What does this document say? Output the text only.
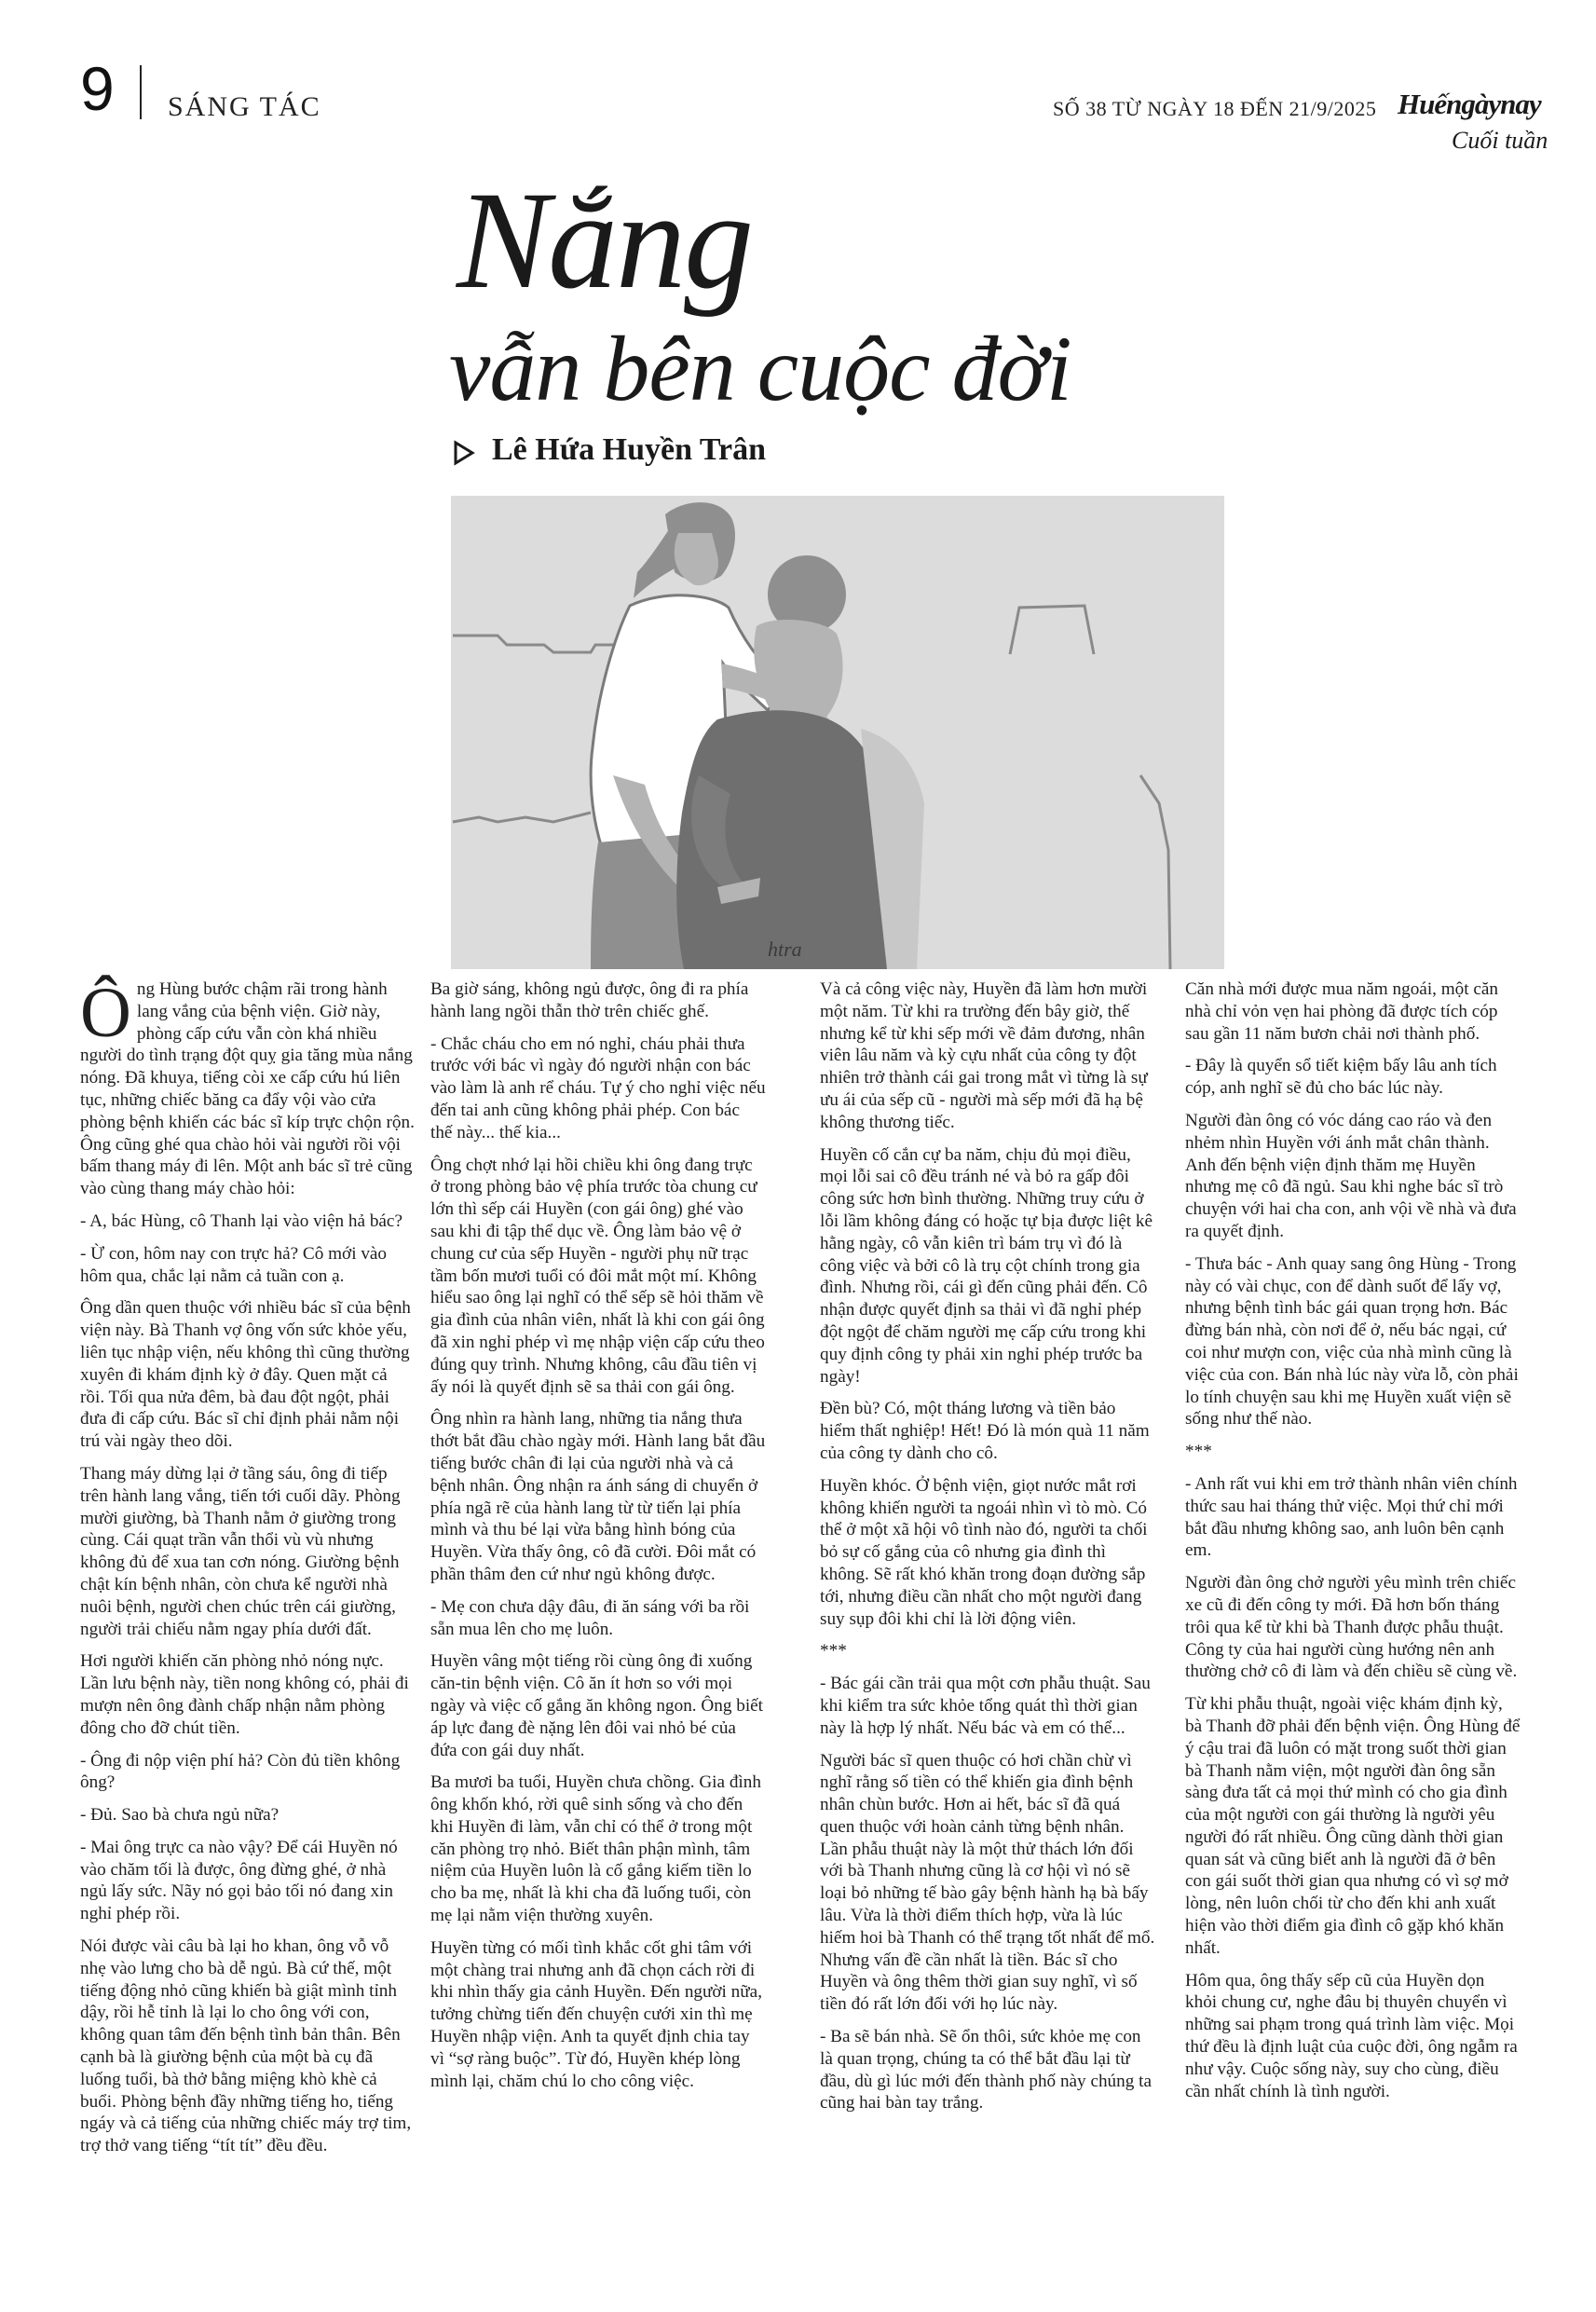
9 SÁNG TÁC	SỐ 38 TỪ NGÀY 18 ĐẾN 21/9/2025 Huếngàynay
Cuối tuần
Nắng
vẫn bên cuộc đời
Lê Hứa Huyền Trân
htra

Ông Hùng bước chậm rãi trong hành lang vắng của bệnh viện. Giờ này, phòng cấp cứu vẫn còn khá nhiều người do tình trạng đột quỵ gia tăng mùa nắng nóng. Đã khuya, tiếng còi xe cấp cứu hú liên tục, những chiếc băng ca đẩy vội vào cửa phòng bệnh khiến các bác sĩ kíp trực chộn rộn. Ông cũng ghé qua chào hỏi vài người rồi vội bấm thang máy đi lên. Một anh bác sĩ trẻ cũng vào cùng thang máy chào hỏi:

- A, bác Hùng, cô Thanh lại vào viện hả bác?

- Ừ con, hôm nay con trực hả? Cô mới vào hôm qua, chắc lại nằm cả tuần con ạ.

Ông dần quen thuộc với nhiều bác sĩ của bệnh viện này. Bà Thanh vợ ông vốn sức khỏe yếu, liên tục nhập viện, nếu không thì cũng thường xuyên đi khám định kỳ ở đây. Quen mặt cả rồi. Tối qua nửa đêm, bà đau đột ngột, phải đưa đi cấp cứu. Bác sĩ chỉ định phải nằm nội trú vài ngày theo dõi.

Thang máy dừng lại ở tầng sáu, ông đi tiếp trên hành lang vắng, tiến tới cuối dãy. Phòng mười giường, bà Thanh nằm ở giường trong cùng. Cái quạt trần vẫn thổi vù vù nhưng không đủ để xua tan cơn nóng. Giường bệnh chật kín bệnh nhân, còn chưa kể người nhà nuôi bệnh, người chen chúc trên cái giường, người trải chiếu nằm ngay phía dưới đất.

Hơi người khiến căn phòng nhỏ nóng nực. Lần lưu bệnh này, tiền nong không có, phải đi mượn nên ông đành chấp nhận nằm phòng đông cho đỡ chút tiền.

- Ông đi nộp viện phí hả? Còn đủ tiền không ông?

- Đủ. Sao bà chưa ngủ nữa?

- Mai ông trực ca nào vậy? Để cái Huyền nó vào chăm tối là được, ông đừng ghé, ở nhà ngủ lấy sức. Nãy nó gọi bảo tối nó đang xin nghỉ phép rồi.

Nói được vài câu bà lại ho khan, ông vỗ vỗ nhẹ vào lưng cho bà dễ ngủ. Bà cứ thế, một tiếng động nhỏ cũng khiến bà giật mình tỉnh dậy, rồi hễ tỉnh là lại lo cho ông với con, không quan tâm đến bệnh tình bản thân. Bên cạnh bà là giường bệnh của một bà cụ đã luống tuổi, bà thở bằng miệng khò khè cả buổi. Phòng bệnh đầy những tiếng ho, tiếng ngáy và cả tiếng của những chiếc máy trợ tim, trợ thở vang tiếng “tít tít” đều đều.

Ba giờ sáng, không ngủ được, ông đi ra phía hành lang ngồi thẫn thờ trên chiếc ghế.

- Chắc cháu cho em nó nghỉ, cháu phải thưa trước với bác vì ngày đó người nhận con bác vào làm là anh rể cháu. Tự ý cho nghỉ việc nếu đến tai anh cũng không phải phép. Con bác thế này... thế kia...

Ông chợt nhớ lại hồi chiều khi ông đang trực ở trong phòng bảo vệ phía trước tòa chung cư lớn thì sếp cái Huyền (con gái ông) ghé vào sau khi đi tập thể dục về. Ông làm bảo vệ ở chung cư của sếp Huyền - người phụ nữ trạc tầm bốn mươi tuổi có đôi mắt một mí. Không hiểu sao ông lại nghĩ có thể sếp sẽ hỏi thăm về gia đình của nhân viên, nhất là khi con gái ông đã xin nghỉ phép vì mẹ nhập viện cấp cứu theo đúng quy trình. Nhưng không, câu đầu tiên vị ấy nói là quyết định sẽ sa thải con gái ông.

Ông nhìn ra hành lang, những tia nắng thưa thớt bắt đầu chào ngày mới. Hành lang bắt đầu tiếng bước chân đi lại của người nhà và cả bệnh nhân. Ông nhận ra ánh sáng di chuyển ở phía ngã rẽ của hành lang từ từ tiến lại phía mình và thu bé lại vừa bằng hình bóng của Huyền. Vừa thấy ông, cô đã cười. Đôi mắt có phần thâm đen cứ như ngủ không được.

- Mẹ con chưa dậy đâu, đi ăn sáng với ba rồi sẵn mua lên cho mẹ luôn.

Huyền vâng một tiếng rồi cùng ông đi xuống căn-tin bệnh viện. Cô ăn ít hơn so với mọi ngày và việc cố gắng ăn không ngon. Ông biết áp lực đang đè nặng lên đôi vai nhỏ bé của đứa con gái duy nhất.

Ba mươi ba tuổi, Huyền chưa chồng. Gia đình ông khốn khó, rời quê sinh sống và cho đến khi Huyền đi làm, vẫn chỉ có thể ở trong một căn phòng trọ nhỏ. Biết thân phận mình, tâm niệm của Huyền luôn là cố gắng kiếm tiền lo cho ba mẹ, nhất là khi cha đã luống tuổi, còn mẹ lại nằm viện thường xuyên.

Huyền từng có mối tình khắc cốt ghi tâm với một chàng trai nhưng anh đã chọn cách rời đi khi nhìn thấy gia cảnh Huyền. Đến người nữa, tưởng chừng tiến đến chuyện cưới xin thì mẹ Huyền nhập viện. Anh ta quyết định chia tay vì “sợ ràng buộc”. Từ đó, Huyền khép lòng mình lại, chăm chú lo cho công việc.

Và cả công việc này, Huyền đã làm hơn mười một năm. Từ khi ra trường đến bây giờ, thế nhưng kể từ khi sếp mới về đảm đương, nhân viên lâu năm và kỳ cựu nhất của công ty đột nhiên trở thành cái gai trong mắt vì từng là sự ưu ái của sếp cũ - người mà sếp mới đã hạ bệ không thương tiếc.

Huyền cố cắn cự ba năm, chịu đủ mọi điều, mọi lỗi sai cô đều tránh né và bỏ ra gấp đôi công sức hơn bình thường. Những truy cứu ở lỗi lầm không đáng có hoặc tự bịa được liệt kê hằng ngày, cô vẫn kiên trì bám trụ vì đó là công việc và bởi cô là trụ cột chính trong gia đình. Nhưng rồi, cái gì đến cũng phải đến. Cô nhận được quyết định sa thải vì đã nghỉ phép đột ngột để chăm người mẹ cấp cứu trong khi quy định công ty phải xin nghỉ phép trước ba ngày!

Đền bù? Có, một tháng lương và tiền bảo hiểm thất nghiệp! Hết! Đó là món quà 11 năm của công ty dành cho cô.

Huyền khóc. Ở bệnh viện, giọt nước mắt rơi không khiến người ta ngoái nhìn vì tò mò. Có thể ở một xã hội vô tình nào đó, người ta chối bỏ sự cố gắng của cô nhưng gia đình thì không. Sẽ rất khó khăn trong đoạn đường sắp tới, nhưng điều cần nhất cho một người đang suy sụp đôi khi chỉ là lời động viên.

***

- Bác gái cần trải qua một cơn phẫu thuật. Sau khi kiểm tra sức khỏe tổng quát thì thời gian này là hợp lý nhất. Nếu bác và em có thể...

Người bác sĩ quen thuộc có hơi chần chừ vì nghĩ rằng số tiền có thể khiến gia đình bệnh nhân chùn bước. Hơn ai hết, bác sĩ đã quá quen thuộc với hoàn cảnh từng bệnh nhân. Lần phẫu thuật này là một thử thách lớn đối với bà Thanh nhưng cũng là cơ hội vì nó sẽ loại bỏ những tế bào gây bệnh hành hạ bà bấy lâu. Vừa là thời điểm thích hợp, vừa là lúc hiếm hoi bà Thanh có thể trạng tốt nhất để mổ. Nhưng vấn đề cần nhất là tiền. Bác sĩ cho Huyền và ông thêm thời gian suy nghĩ, vì số tiền đó rất lớn đối với họ lúc này.

- Ba sẽ bán nhà. Sẽ ổn thôi, sức khỏe mẹ con là quan trọng, chúng ta có thể bắt đầu lại từ đầu, dù gì lúc mới đến thành phố này chúng ta cũng hai bàn tay trắng.

Căn nhà mới được mua năm ngoái, một căn nhà chỉ vỏn vẹn hai phòng đã được tích cóp sau gần 11 năm bươn chải nơi thành phố.

- Đây là quyển sổ tiết kiệm bấy lâu anh tích cóp, anh nghĩ sẽ đủ cho bác lúc này.

Người đàn ông có vóc dáng cao ráo và đen nhẻm nhìn Huyền với ánh mắt chân thành. Anh đến bệnh viện định thăm mẹ Huyền nhưng mẹ cô đã ngủ. Sau khi nghe bác sĩ trò chuyện với hai cha con, anh vội về nhà và đưa ra quyết định.

- Thưa bác - Anh quay sang ông Hùng - Trong này có vài chục, con để dành suốt để lấy vợ, nhưng bệnh tình bác gái quan trọng hơn. Bác đừng bán nhà, còn nơi để ở, nếu bác ngại, cứ coi như mượn con, việc của nhà mình cũng là việc của con. Bán nhà lúc này vừa lỗ, còn phải lo tính chuyện sau khi mẹ Huyền xuất viện sẽ sống như thế nào.

***

- Anh rất vui khi em trở thành nhân viên chính thức sau hai tháng thử việc. Mọi thứ chỉ mới bắt đầu nhưng không sao, anh luôn bên cạnh em.

Người đàn ông chở người yêu mình trên chiếc xe cũ đi đến công ty mới. Đã hơn bốn tháng trôi qua kể từ khi bà Thanh được phẫu thuật. Công ty của hai người cùng hướng nên anh thường chở cô đi làm và đến chiều sẽ cùng về.

Từ khi phẫu thuật, ngoài việc khám định kỳ, bà Thanh đỡ phải đến bệnh viện. Ông Hùng để ý cậu trai đã luôn có mặt trong suốt thời gian bà Thanh nằm viện, một người đàn ông sẵn sàng đưa tất cả mọi thứ mình có cho gia đình của một người con gái thường là người yêu người đó rất nhiều. Ông cũng dành thời gian quan sát và cũng biết anh là người đã ở bên con gái suốt thời gian qua nhưng có vì sợ mở lòng, nên luôn chối từ cho đến khi anh xuất hiện vào thời điểm gia đình cô gặp khó khăn nhất.

Hôm qua, ông thấy sếp cũ của Huyền dọn khỏi chung cư, nghe đâu bị thuyên chuyển vì những sai phạm trong quá trình làm việc. Mọi thứ đều là định luật của cuộc đời, ông ngẫm ra như vậy. Cuộc sống này, suy cho cùng, điều cần nhất chính là tình người.
